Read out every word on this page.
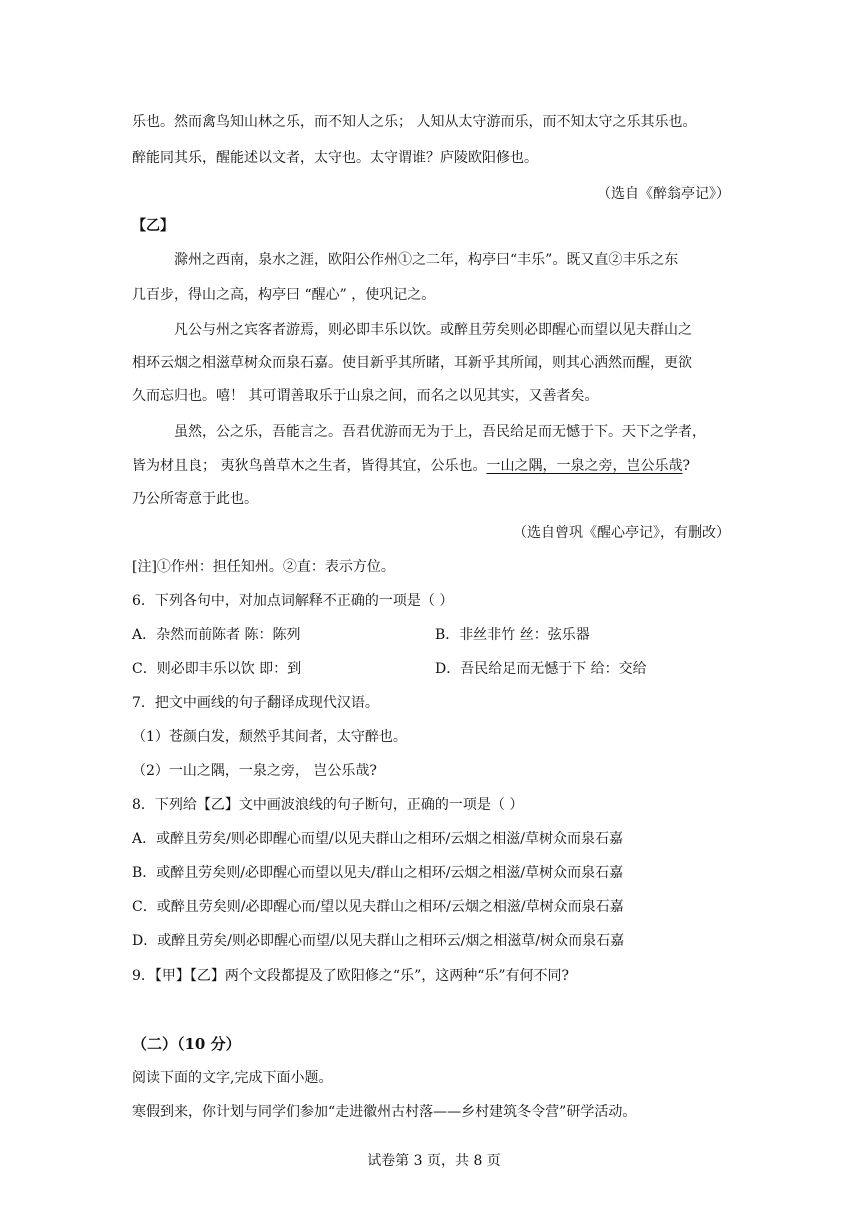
乐也。然而禽鸟知山林之乐，而不知人之乐； 人知从太守游而乐，而不知太守之乐其乐也。
醉能同其乐，醒能述以文者，太守也。太守谓谁？庐陵欧阳修也。
（选自《醉翁亭记》）
【乙】
滁州之西南，泉水之涯，欧阳公作州①之二年，构亭曰“丰乐”。既又直②丰乐之东
几百步，得山之高，构亭曰 “醒心” ，使巩记之。
凡公与州之宾客者游焉，则必即丰乐以饮。或醉且劳矣则必即醒心而望以见夫群山之
相环云烟之相滋草树众而泉石嘉。使目新乎其所睹，耳新乎其所闻，则其心洒然而醒，更欲
久而忘归也。嘻！ 其可谓善取乐于山泉之间，而名之以见其实，又善者矣。
虽然，公之乐，吾能言之。吾君优游而无为于上，吾民给足而无憾于下。天下之学者，
皆为材且良； 夷狄鸟兽草木之生者，皆得其宜，公乐也。一山之隅，一泉之旁，岂公乐哉?
乃公所寄意于此也。
（选自曾巩《醒心亭记》，有删改）
[注]①作州：担任知州。②直：表示方位。
6．下列各句中，对加点词解释不正确的一项是（ ）
A．杂然而前陈者 陈：陈列	B．非丝非竹 丝：弦乐器
C．则必即丰乐以饮 即：到	D．吾民给足而无憾于下 给：交给
7．把文中画线的句子翻译成现代汉语。
（1）苍颜白发，颓然乎其间者，太守醉也。
（2）一山之隅，一泉之旁， 岂公乐哉?
8．下列给【乙】文中画波浪线的句子断句，正确的一项是（ ）
A．或醉且劳矣/则必即醒心而望/以见夫群山之相环/云烟之相滋/草树众而泉石嘉
B．或醉且劳矣则/必即醒心而望以见夫/群山之相环/云烟之相滋/草树众而泉石嘉
C．或醉且劳矣则/必即醒心而/望以见夫群山之相环/云烟之相滋/草树众而泉石嘉
D．或醉且劳矣/则必即醒心而望/以见夫群山之相环云/烟之相滋草/树众而泉石嘉
9．【甲】【乙】两个文段都提及了欧阳修之“乐”，这两种“乐”有何不同?
（二）（10 分）
阅读下面的文字,完成下面小题。
寒假到来，你计划与同学们参加“走进徽州古村落——乡村建筑冬令营”研学活动。
试卷第 3 页，共 8 页
